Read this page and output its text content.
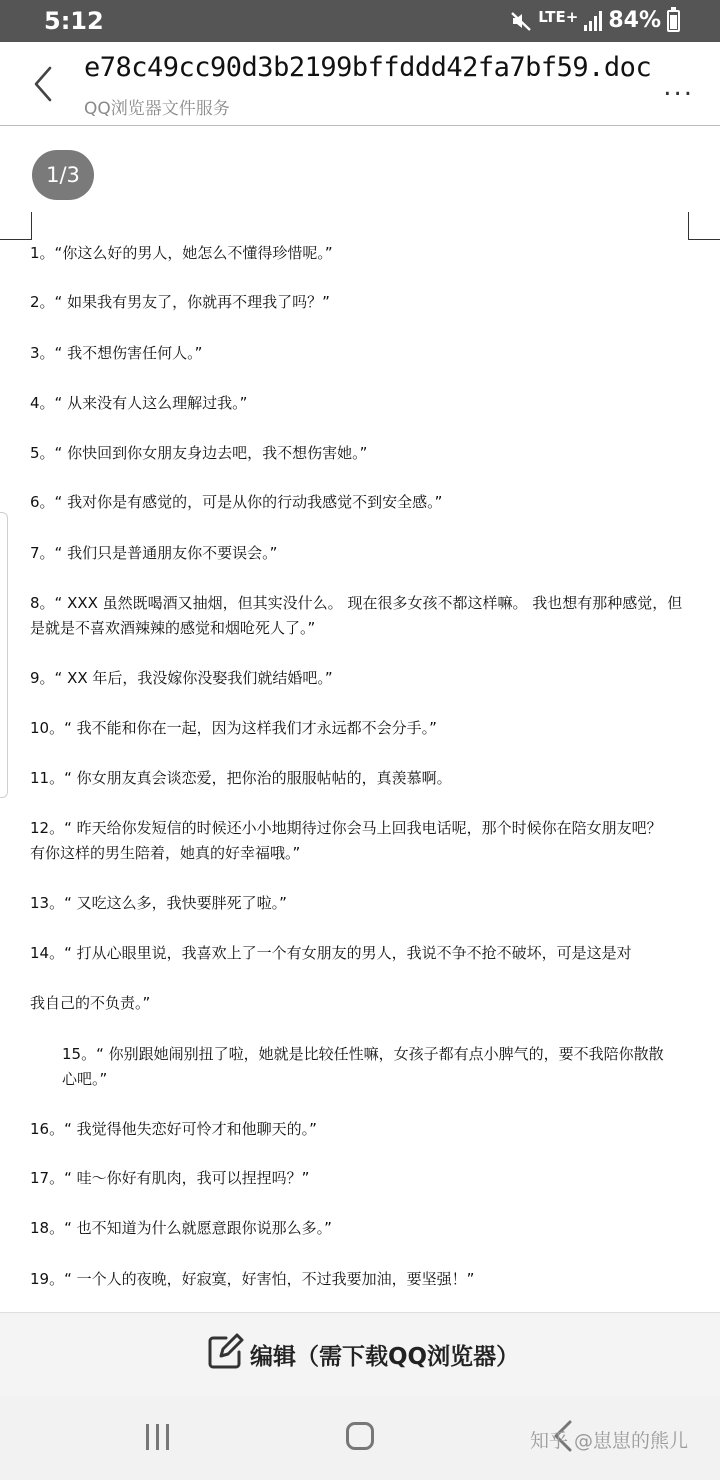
5:12	LTE+ 84%
e78c49cc90d3b2199bffddd42fa7bf59.doc
QQ浏览器文件服务
...
1/3
1。“你这么好的男人，她怎么不懂得珍惜呢。”
2。“ 如果我有男友了，你就再不理我了吗？”
3。“ 我不想伤害任何人。”
4。“ 从来没有人这么理解过我。”
5。“ 你快回到你女朋友身边去吧，我不想伤害她。”
6。“ 我对你是有感觉的，可是从你的行动我感觉不到安全感。”
7。“ 我们只是普通朋友你不要误会。”
8。“ XXX 虽然既喝酒又抽烟，但其实没什么。 现在很多女孩不都这样嘛。 我也想有那种感觉，但
是就是不喜欢酒辣辣的感觉和烟呛死人了。”
9。“ XX 年后，我没嫁你没娶我们就结婚吧。”
10。“ 我不能和你在一起，因为这样我们才永远都不会分手。”
11。“ 你女朋友真会谈恋爱，把你治的服服帖帖的，真羡慕啊。
12。“ 昨天给你发短信的时候还小小地期待过你会马上回我电话呢，那个时候你在陪女朋友吧？
有你这样的男生陪着，她真的好幸福哦。”
13。“ 又吃这么多，我快要胖死了啦。”
14。“ 打从心眼里说，我喜欢上了一个有女朋友的男人，我说不争不抢不破坏，可是这是对
我自己的不负责。”
15。“ 你别跟她闹别扭了啦，她就是比较任性嘛，女孩子都有点小脾气的，要不我陪你散散
心吧。”
16。“ 我觉得他失恋好可怜才和他聊天的。”
17。“ 哇～你好有肌肉，我可以捏捏吗？”
18。“ 也不知道为什么就愿意跟你说那么多。”
19。“ 一个人的夜晚，好寂寞，好害怕，不过我要加油，要坚强！”
编辑（需下载QQ浏览器）
知乎 @崽崽的熊儿
